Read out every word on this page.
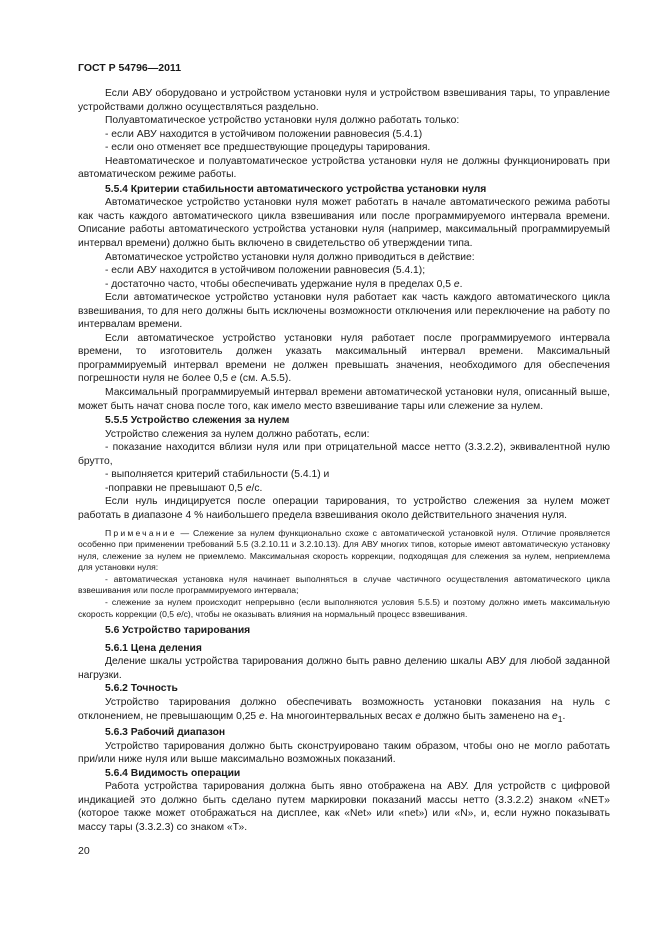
ГОСТ Р 54796—2011

Если АВУ оборудовано и устройством установки нуля и устройством взвешивания тары, то управление устройствами должно осуществляться раздельно.

Полуавтоматическое устройство установки нуля должно работать только:

- если АВУ находится в устойчивом положении равновесия (5.4.1)

- если оно отменяет все предшествующие процедуры тарирования.

Неавтоматическое и полуавтоматическое устройства установки нуля не должны функционировать при автоматическом режиме работы.

5.5.4 Критерии стабильности автоматического устройства установки нуля

Автоматическое устройство установки нуля может работать в начале автоматического режима работы как часть каждого автоматического цикла взвешивания или после программируемого интервала времени. Описание работы автоматического устройства установки нуля (например, максимальный программируемый интервал времени) должно быть включено в свидетельство об утверждении типа.

Автоматическое устройство установки нуля должно приводиться в действие:

- если АВУ находится в устойчивом положении равновесия (5.4.1);

- достаточно часто, чтобы обеспечивать удержание нуля в пределах 0,5 e.

Если автоматическое устройство установки нуля работает как часть каждого автоматического цикла взвешивания, то для него должны быть исключены возможности отключения или переключение на работу по интервалам времени.

Если автоматическое устройство установки нуля работает после программируемого интервала времени, то изготовитель должен указать максимальный интервал времени. Максимальный программируемый интервал времени не должен превышать значения, необходимого для обеспечения погрешности нуля не более 0,5 e (см. А.5.5).

Максимальный программируемый интервал времени автоматической установки нуля, описанный выше, может быть начат снова после того, как имело место взвешивание тары или слежение за нулем.

5.5.5 Устройство слежения за нулем

Устройство слежения за нулем должно работать, если:

- показание находится вблизи нуля или при отрицательной массе нетто (3.3.2.2), эквивалентной нулю брутто,

- выполняется критерий стабильности (5.4.1) и

-поправки не превышают 0,5 e/c.

Если нуль индицируется после операции тарирования, то устройство слежения за нулем может работать в диапазоне 4 % наибольшего предела взвешивания около действительного значения нуля.

Примечание — Слежение за нулем функционально схоже с автоматической установкой нуля. Отличие проявляется особенно при применении требований 5.5 (3.2.10.11 и 3.2.10.13). Для АВУ многих типов, которые имеют автоматическую установку нуля, слежение за нулем не приемлемо. Максимальная скорость коррекции, подходящая для слежения за нулем, неприемлема для установки нуля:

- автоматическая установка нуля начинает выполняться в случае частичного осуществления автоматического цикла взвешивания или после программируемого интервала;

- слежение за нулем происходит непрерывно (если выполняются условия 5.5.5) и поэтому должно иметь максимальную скорость коррекции (0,5 e/c), чтобы не оказывать влияния на нормальный процесс взвешивания.

5.6 Устройство тарирования
5.6.1 Цена деления

Деление шкалы устройства тарирования должно быть равно делению шкалы АВУ для любой заданной нагрузки.

5.6.2 Точность

Устройство тарирования должно обеспечивать возможность установки показания на нуль с отклонением, не превышающим 0,25 e. На многоинтервальных весах e должно быть заменено на $e_1$.

5.6.3 Рабочий диапазон

Устройство тарирования должно быть сконструировано таким образом, чтобы оно не могло работать при/или ниже нуля или выше максимально возможных показаний.

5.6.4 Видимость операции

Работа устройства тарирования должна быть явно отображена на АВУ. Для устройств с цифровой индикацией это должно быть сделано путем маркировки показаний массы нетто (3.3.2.2) знаком «NET» (которое также может отображаться на дисплее, как «Net» или «net») или «N», и, если нужно показывать массу тары (3.3.2.3) со знаком «Т».

20
